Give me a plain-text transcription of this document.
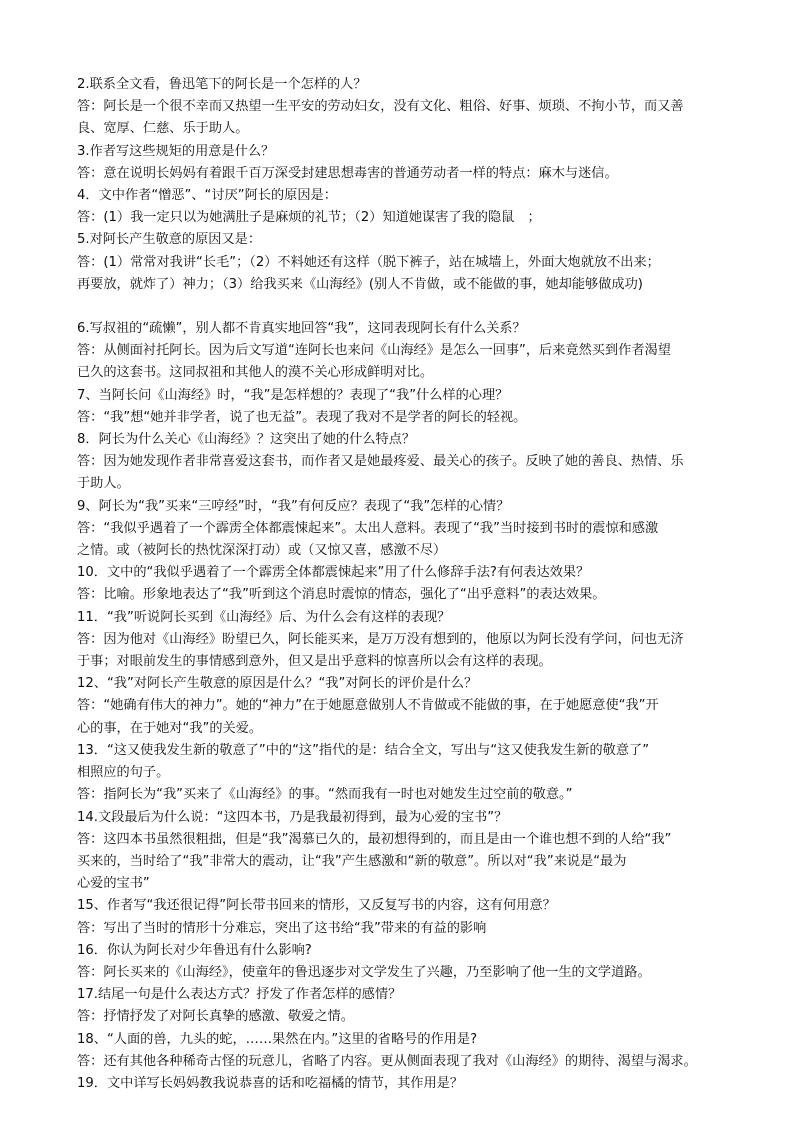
2.联系全文看，鲁迅笔下的阿长是一个怎样的人？
答：阿长是一个很不幸而又热望一生平安的劳动妇女，没有文化、粗俗、好事、烦琐、不拘小节，而又善
良、宽厚、仁慈、乐于助人。
3.作者写这些规矩的用意是什么？
答：意在说明长妈妈有着跟千百万深受封建思想毒害的普通劳动者一样的特点：麻木与迷信。
4．文中作者“憎恶”、“讨厌”阿长的原因是：
答：(1）我一定只以为她满肚子是麻烦的礼节；（2）知道她谋害了我的隐鼠　；
5.对阿长产生敬意的原因又是：
答：(1）常常对我讲“长毛”；（2）不料她还有这样（脱下裤子，站在城墙上，外面大炮就放不出来；
再要放，就炸了）神力；（3）给我买来《山海经》(别人不肯做，或不能做的事，她却能够做成功)
6.写叔祖的“疏懒”，别人都不肯真实地回答“我”，这同表现阿长有什么关系？
答：从侧面衬托阿长。因为后文写道“连阿长也来问《山海经》是怎么一回事”，后来竟然买到作者渴望
已久的这套书。这同叔祖和其他人的漠不关心形成鲜明对比。
7、当阿长问《山海经》时，“我”是怎样想的？表现了“我”什么样的心理？
答：“我”想“她并非学者，说了也无益”。表现了我对不是学者的阿长的轻视。
8．阿长为什么关心《山海经》？这突出了她的什么特点？
答：因为她发现作者非常喜爱这套书，而作者又是她最疼爱、最关心的孩子。反映了她的善良、热情、乐
于助人。
9、阿长为“我”买来“三哼经”时，“我”有何反应？表现了“我”怎样的心情？
答：“我似乎遇着了一个霹雳全体都震悚起来”。太出人意料。表现了“我”当时接到书时的震惊和感激
之情。或（被阿长的热忱深深打动）或（又惊又喜，感激不尽）
10．文中的“我似乎遇着了一个霹雳全体都震悚起来”用了什么修辞手法?有何表达效果？
答：比喻。形象地表达了“我”听到这个消息时震惊的情态，强化了“出乎意料”的表达效果。
11．“我”听说阿长买到《山海经》后、为什么会有这样的表现？
答：因为他对《山海经》盼望已久，阿长能买来，是万万没有想到的，他原以为阿长没有学问，问也无济
于事；对眼前发生的事情感到意外，但又是出乎意料的惊喜所以会有这样的表现。
12、“我”对阿长产生敬意的原因是什么？“我”对阿长的评价是什么？
答：“她确有伟大的神力”。她的“神力”在于她愿意做别人不肯做或不能做的事，在于她愿意使“我”开
心的事，在于她对“我”的关爱。
13．“这又使我发生新的敬意了”中的“这”指代的是：结合全文，写出与“这又使我发生新的敬意了”
相照应的句子。
答：指阿长为“我”买来了《山海经》的事。“然而我有一时也对她发生过空前的敬意。”
14.文段最后为什么说：“这四本书，乃是我最初得到，最为心爱的宝书”？
答：这四本书虽然很粗拙，但是“我”渴慕已久的，最初想得到的，而且是由一个谁也想不到的人给“我”
买来的，当时给了“我”非常大的震动，让“我”产生感激和“新的敬意”。所以对“我”来说是“最为
心爱的宝书”
15、作者写“我还很记得”阿长带书回来的情形，又反复写书的内容，这有何用意？
答：写出了当时的情形十分难忘，突出了这书给“我”带来的有益的影响
16．你认为阿长对少年鲁迅有什么影响?
答：阿长买来的《山海经》，使童年的鲁迅逐步对文学发生了兴趣，乃至影响了他一生的文学道路。
17.结尾一句是什么表达方式？抒发了作者怎样的感情？
答：抒情抒发了对阿长真挚的感激、敬爱之情。
18、“人面的兽，九头的蛇，……果然在内。”这里的省略号的作用是?
答：还有其他各种稀奇古怪的玩意儿，省略了内容。更从侧面表现了我对《山海经》的期待、渴望与渴求。
19．文中详写长妈妈教我说恭喜的话和吃福橘的情节，其作用是？
